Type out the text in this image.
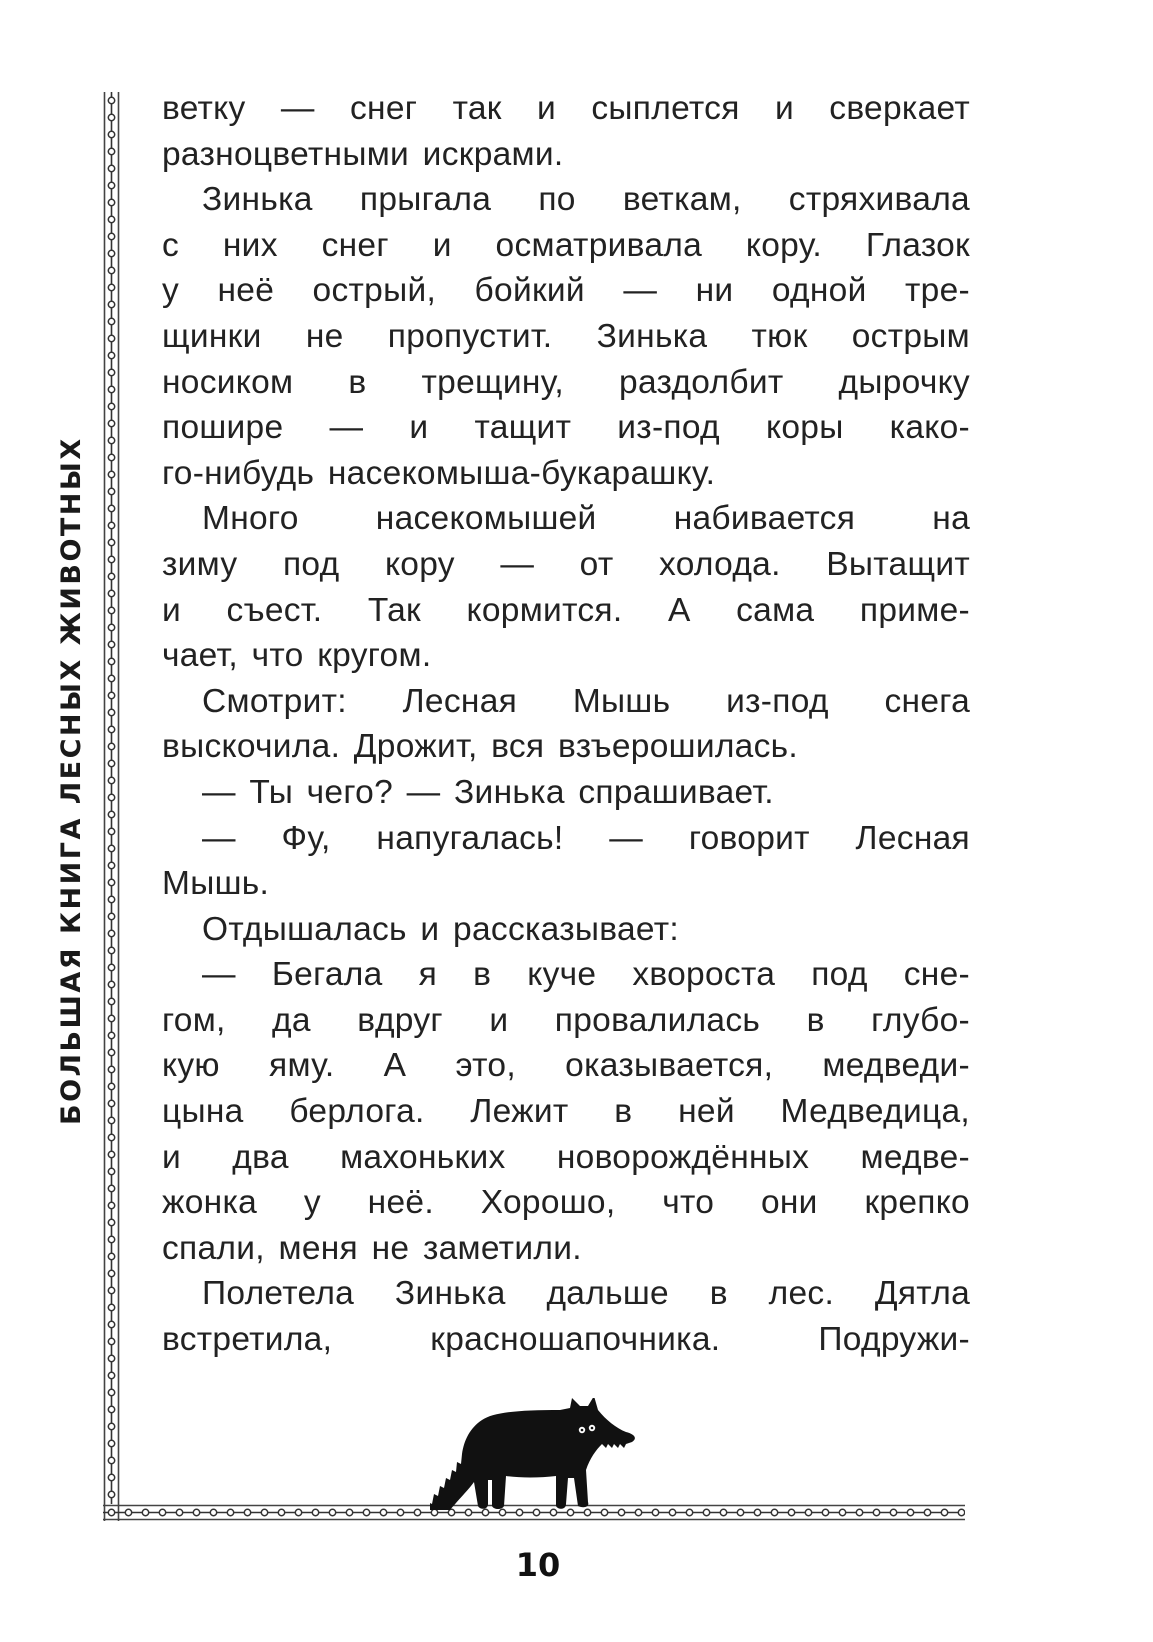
БОЛЬШАЯ КНИГА ЛЕСНЫХ ЖИВОТНЫХ

ветку — снег так и сыплется и сверкает

разноцветными искрами.

Зинька прыгала по веткам, стряхивала

с них снег и осматривала кору. Глазок

у неё острый, бойкий — ни одной тре-

щинки не пропустит. Зинька тюк острым

носиком в трещину, раздолбит дырочку

пошире — и тащит из-под коры како-

го-нибудь насекомыша-букарашку.

Много насекомышей набивается на

зиму под кору — от холода. Вытащит

и съест. Так кормится. А сама приме-

чает, что кругом.

Смотрит: Лесная Мышь из-под снега

выскочила. Дрожит, вся взъерошилась.

— Ты чего? — Зинька спрашивает.

— Фу, напугалась! — говорит Лесная

Мышь.

Отдышалась и рассказывает:

— Бегала я в куче хвороста под сне-

гом, да вдруг и провалилась в глубо-

кую яму. А это, оказывается, медведи-

цына берлога. Лежит в ней Медведица,

и два махоньких новорождённых медве-

жонка у неё. Хорошо, что они крепко

спали, меня не заметили.

Полетела Зинька дальше в лес. Дятла

встретила, красношапочника. Подружи-

10
